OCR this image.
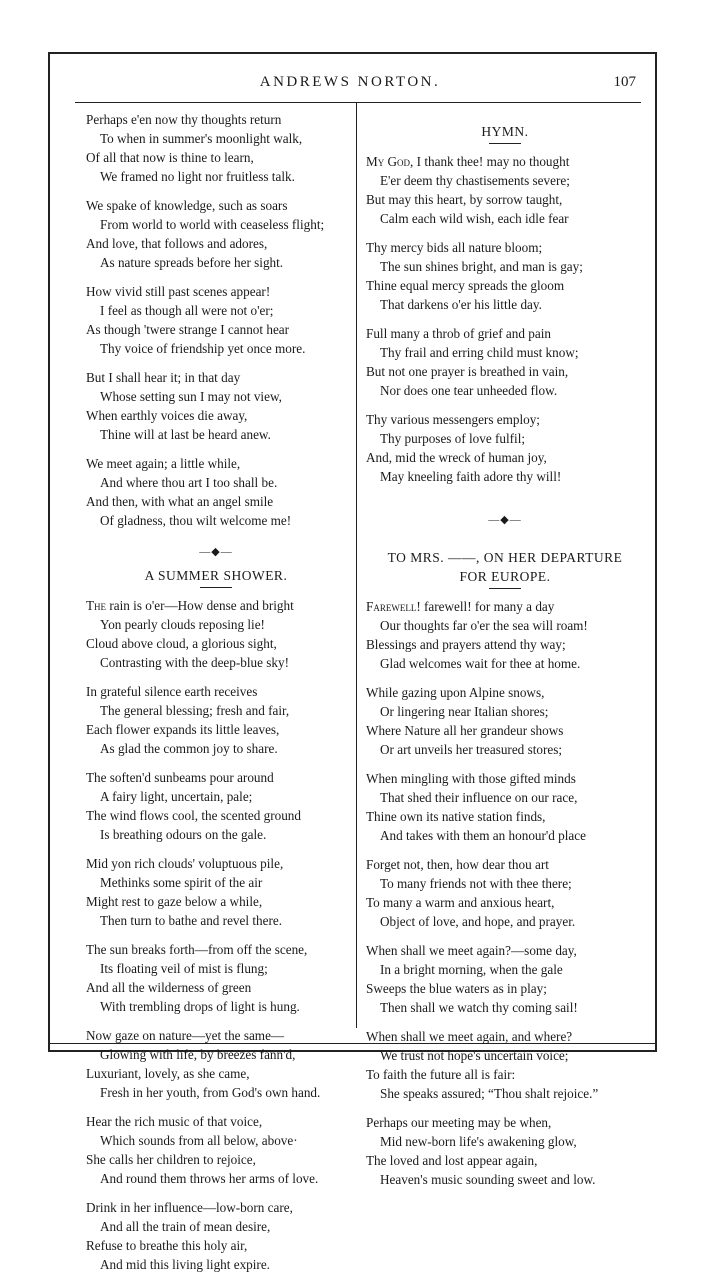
ANDREWS NORTON.	107
Perhaps e'en now thy thoughts return
To when in summer's moonlight walk,
Of all that now is thine to learn,
We framed no light nor fruitless talk.
We spake of knowledge, such as soars
From world to world with ceaseless flight;
And love, that follows and adores,
As nature spreads before her sight.
How vivid still past scenes appear!
I feel as though all were not o'er;
As though 'twere strange I cannot hear
Thy voice of friendship yet once more.
But I shall hear it; in that day
Whose setting sun I may not view,
When earthly voices die away,
Thine will at last be heard anew.
We meet again; a little while,
And where thou art I too shall be.
And then, with what an angel smile
Of gladness, thou wilt welcome me!
—◆—
A SUMMER SHOWER.
The rain is o'er—How dense and bright
Yon pearly clouds reposing lie!
Cloud above cloud, a glorious sight,
Contrasting with the deep-blue sky!
In grateful silence earth receives
The general blessing; fresh and fair,
Each flower expands its little leaves,
As glad the common joy to share.
The soften'd sunbeams pour around
A fairy light, uncertain, pale;
The wind flows cool, the scented ground
Is breathing odours on the gale.
Mid yon rich clouds' voluptuous pile,
Methinks some spirit of the air
Might rest to gaze below a while,
Then turn to bathe and revel there.
The sun breaks forth—from off the scene,
Its floating veil of mist is flung;
And all the wilderness of green
With trembling drops of light is hung.
Now gaze on nature—yet the same—
Glowing with life, by breezes fann'd,
Luxuriant, lovely, as she came,
Fresh in her youth, from God's own hand.
Hear the rich music of that voice,
Which sounds from all below, above·
She calls her children to rejoice,
And round them throws her arms of love.
Drink in her influence—low-born care,
And all the train of mean desire,
Refuse to breathe this holy air,
And mid this living light expire.
HYMN.
My God, I thank thee! may no thought
E'er deem thy chastisements severe;
But may this heart, by sorrow taught,
Calm each wild wish, each idle fear
Thy mercy bids all nature bloom;
The sun shines bright, and man is gay;
Thine equal mercy spreads the gloom
That darkens o'er his little day.
Full many a throb of grief and pain
Thy frail and erring child must know;
But not one prayer is breathed in vain,
Nor does one tear unheeded flow.
Thy various messengers employ;
Thy purposes of love fulfil;
And, mid the wreck of human joy,
May kneeling faith adore thy will!
—◆—
TO MRS. ——, ON HER DEPARTURE
FOR EUROPE.
Farewell! farewell! for many a day
Our thoughts far o'er the sea will roam!
Blessings and prayers attend thy way;
Glad welcomes wait for thee at home.
While gazing upon Alpine snows,
Or lingering near Italian shores;
Where Nature all her grandeur shows
Or art unveils her treasured stores;
When mingling with those gifted minds
That shed their influence on our race,
Thine own its native station finds,
And takes with them an honour'd place
Forget not, then, how dear thou art
To many friends not with thee there;
To many a warm and anxious heart,
Object of love, and hope, and prayer.
When shall we meet again?—some day,
In a bright morning, when the gale
Sweeps the blue waters as in play;
Then shall we watch thy coming sail!
When shall we meet again, and where?
We trust not hope's uncertain voice;
To faith the future all is fair:
She speaks assured; “Thou shalt rejoice.”
Perhaps our meeting may be when,
Mid new-born life's awakening glow,
The loved and lost appear again,
Heaven's music sounding sweet and low.
